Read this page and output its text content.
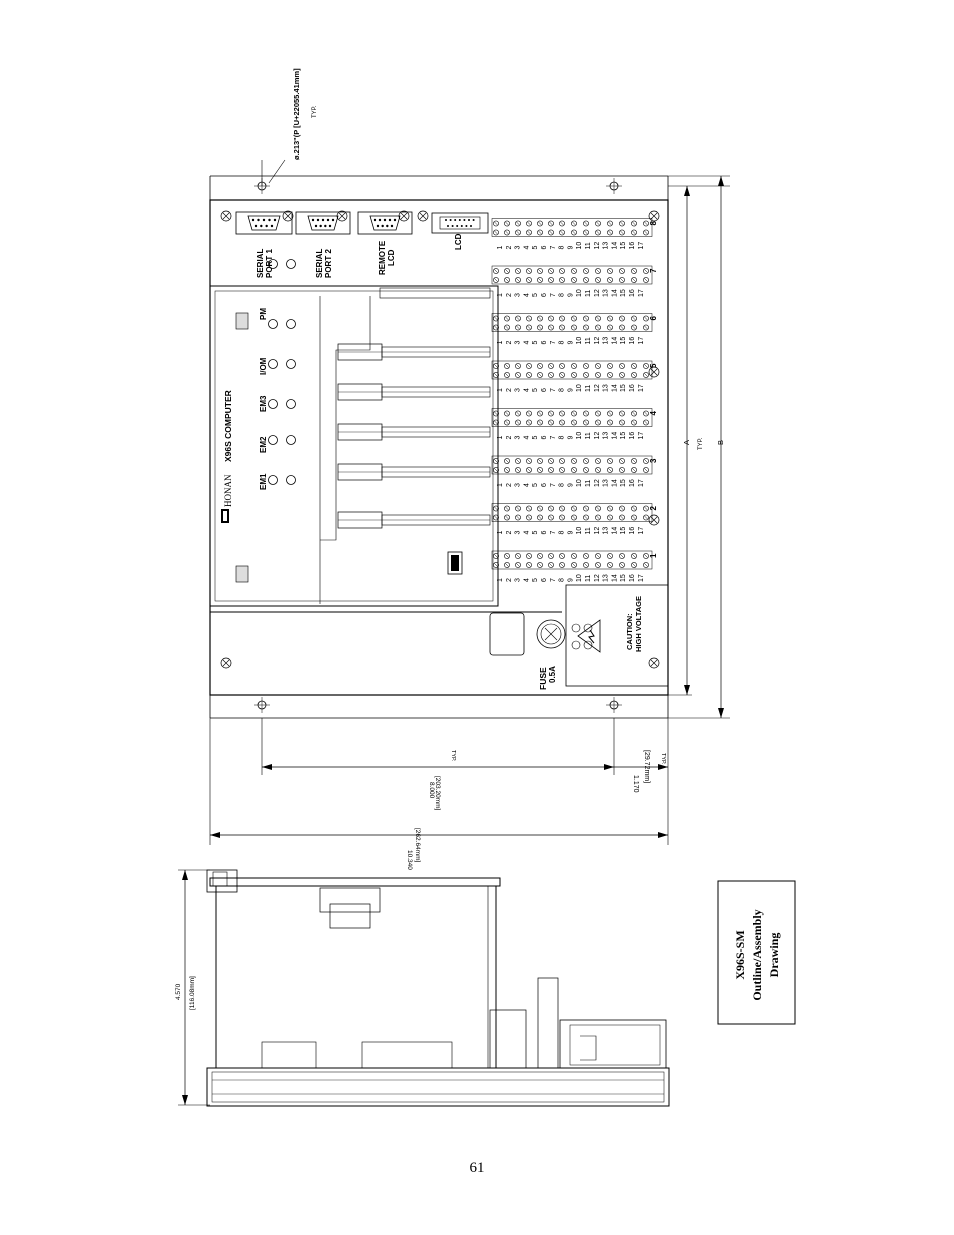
1 2 3 4 5 6 7 8 9 10 11 12 13 14 15 16 17
1
1 2 3 4 5 6 7 8 9 10 11 12 13 14 15 16 17
2
1 2 3 4 5 6 7 8 9 10 11 12 13 14 15 16 17
3
1 2 3 4 5 6 7 8 9 10 11 12 13 14 15 16 17
4
1 2 3 4 5 6 7 8 9 10 11 12 13 14 15 16 17
5
1 2 3 4 5 6 7 8 9 10 11 12 13 14 15 16 17
6
1 2 3 4 5 6 7 8 9 10 11 12 13 14 15 16 17
7
1 2 3 4 5 6 7 8 9 10 11 12 13 14 15 16 17
8
ø.213"(P [U+22055.41mm] TYP.
A TYP. B
8.000 [203.20mm]
TYP.
1.170
[29.72mm] TYP.
10.340 [262.64mm]
4.570 [116.08mm]
SERIAL PORT 1	SERIAL PORT 2	REMOTE LCD
LCD
HONAN
X96S COMPUTER
EM1
EM2
EM3
I/OM
PM
FUSE 0.5A
CAUTION: HIGH VOLTAGE
X96S-SM Outline/Assembly Drawing
61
